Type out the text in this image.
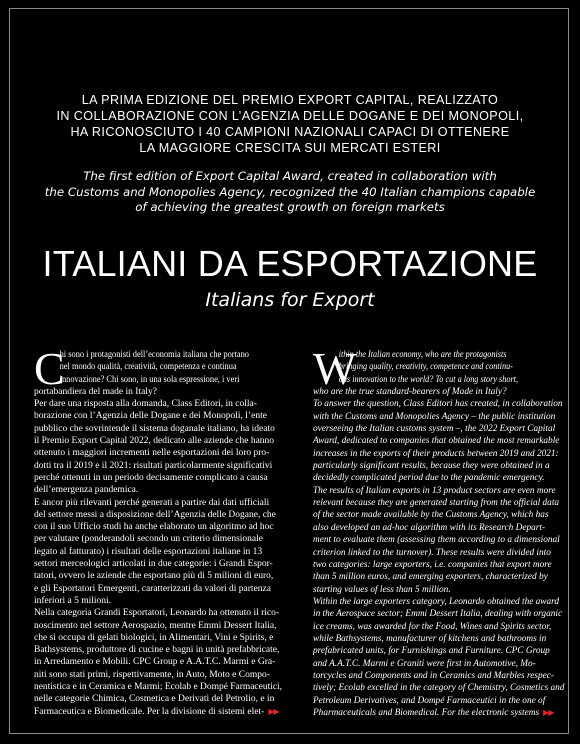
LA PRIMA EDIZIONE DEL PREMIO EXPORT CAPITAL, REALIZZATO
IN COLLABORAZIONE CON L’AGENZIA DELLE DOGANE E DEI MONOPOLI,
HA RICONOSCIUTO I 40 CAMPIONI NAZIONALI CAPACI DI OTTENERE
LA MAGGIORE CRESCITA SUI MERCATI ESTERI
The first edition of Export Capital Award, created in collaboration with
the Customs and Monopolies Agency, recognized the 40 Italian champions capable
of achieving the greatest growth on foreign markets
ITALIANI DA ESPORTAZIONE
Italians for Export
C
hi sono i protagonisti dell’economia italiana che portano
nel mondo qualità, creatività, competenza e continua
innovazione? Chi sono, in una sola espressione, i veri
portabandiera del made in Italy?
Per dare una risposta alla domanda, Class Editori, in colla-
borazione con l’Agenzia delle Dogane e dei Monopoli, l’ente
pubblico che sovrintende il sistema doganale italiano, ha ideato
il Premio Export Capital 2022, dedicato alle aziende che hanno
ottenuto i maggiori incrementi nelle esportazioni dei loro pro-
dotti tra il 2019 e il 2021: risultati particolarmente significativi
perché ottenuti in un periodo decisamente complicato a causa
dell’emergenza pandemica.
E ancor più rilevanti perché generati a partire dai dati ufficiali
del settore messi a disposizione dell’Agenzia delle Dogane, che
con il suo Ufficio studi ha anche elaborato un algoritmo ad hoc
per valutare (ponderandoli secondo un criterio dimensionale
legato al fatturato) i risultati delle esportazioni italiane in 13
settori merceologici articolati in due categorie: i Grandi Espor-
tatori, ovvero le aziende che esportano più di 5 milioni di euro,
e gli Esportatori Emergenti, caratterizzati da valori di partenza
inferiori a 5 milioni.
Nella categoria Grandi Esportatori, Leonardo ha ottenuto il rico-
noscimento nel settore Aerospazio, mentre Emmi Dessert Italia,
che si occupa di gelati biologici, in Alimentari, Vini e Spirits, e
Bathsystems, produttore di cucine e bagni in unità prefabbricate,
in Arredamento e Mobili. CPC Group e A.A.T.C. Marmi e Gra-
niti sono stati primi, rispettivamente, in Auto, Moto e Compo-
nentistica e in Ceramica e Marmi; Ecolab e Dompé Farmaceutici,
nelle categorie Chimica, Cosmetica e Derivati del Petrolio, e in
Farmaceutica e Biomedicale. Per la divisione di sistemi elet- ▶▶
W
ithin the Italian economy, who are the protagonists
bringing quality, creativity, competence and continu-
ous innovation to the world? To cut a long story short,
who are the true standard-bearers of Made in Italy?
To answer the question, Class Editori has created, in collaboration
with the Customs and Monopolies Agency – the public institution
overseeing the Italian customs system –, the 2022 Export Capital
Award, dedicated to companies that obtained the most remarkable
increases in the exports of their products between 2019 and 2021:
particularly significant results, because they were obtained in a
decidedly complicated period due to the pandemic emergency.
The results of Italian exports in 13 product sectors are even more
relevant because they are generated starting from the official data
of the sector made available by the Customs Agency, which has
also developed an ad-hoc algorithm with its Research Depart-
ment to evaluate them (assessing them according to a dimensional
criterion linked to the turnover). These results were divided into
two categories: large exporters, i.e. companies that export more
than 5 million euros, and emerging exporters, characterized by
starting values of less than 5 million.
Within the large exporters category, Leonardo obtained the award
in the Aerospace sector; Emmi Dessert Italia, dealing with organic
ice creams, was awarded for the Food, Wines and Spirits sector,
while Bathsystems, manufacturer of kitchens and bathrooms in
prefabricated units, for Furnishings and Furniture. CPC Group
and A.A.T.C. Marmi e Graniti were first in Automotive, Mo-
torcycles and Components and in Ceramics and Marbles respec-
tively; Ecolab excelled in the category of Chemistry, Cosmetics and
Petroleum Derivatives, and Dompé Farmaceutici in the one of
Pharmaceuticals and Biomedical. For the electronic systems ▶▶
